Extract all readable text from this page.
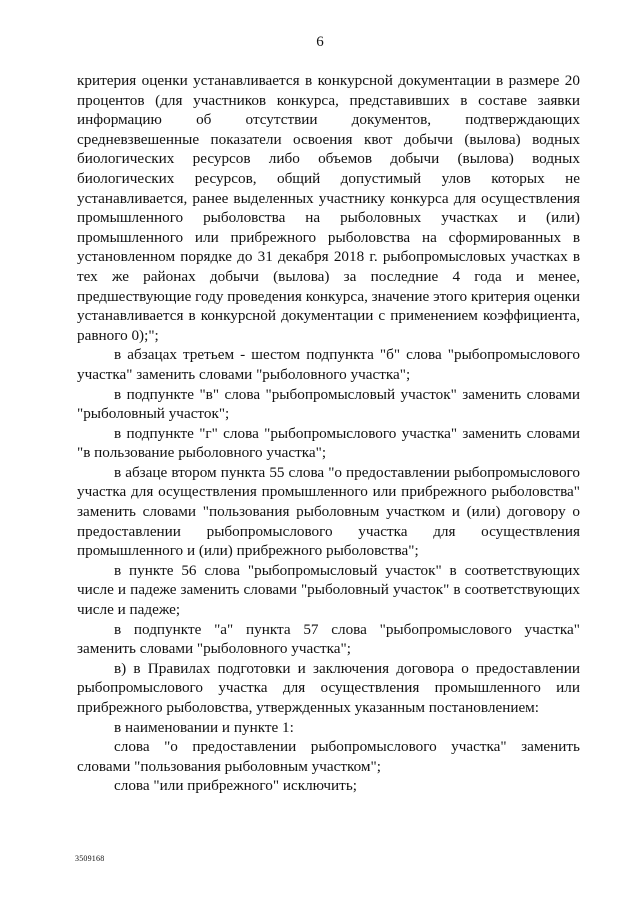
6

критерия оценки устанавливается в конкурсной документации в размере 20 процентов (для участников конкурса, представивших в составе заявки информацию об отсутствии документов, подтверждающих средневзвешенные показатели освоения квот добычи (вылова) водных биологических ресурсов либо объемов добычи (вылова) водных биологических ресурсов, общий допустимый улов которых не устанавливается, ранее выделенных участнику конкурса для осуществления промышленного рыболовства на рыболовных участках и (или) промышленного или прибрежного рыболовства на сформированных в установленном порядке до 31 декабря 2018 г. рыбопромысловых участках в тех же районах добычи (вылова) за последние 4 года и менее, предшествующие году проведения конкурса, значение этого критерия оценки устанавливается в конкурсной документации с применением коэффициента, равного 0);";

в абзацах третьем - шестом подпункта "б" слова "рыбопромыслового участка" заменить словами "рыболовного участка";

в подпункте "в" слова "рыбопромысловый участок" заменить словами "рыболовный участок";

в подпункте "г" слова "рыбопромыслового участка" заменить словами "в пользование рыболовного участка";

в абзаце втором пункта 55 слова "о предоставлении рыбопромыслового участка для осуществления промышленного или прибрежного рыболовства" заменить словами "пользования рыболовным участком и (или) договору о предоставлении рыбопромыслового участка для осуществления промышленного и (или) прибрежного рыболовства";

в пункте 56 слова "рыбопромысловый участок" в соответствующих числе и падеже заменить словами "рыболовный участок" в соответствующих числе и падеже;

в подпункте "а" пункта 57 слова "рыбопромыслового участка" заменить словами "рыболовного участка";

в) в Правилах подготовки и заключения договора о предоставлении рыбопромыслового участка для осуществления промышленного или прибрежного рыболовства, утвержденных указанным постановлением:

в наименовании и пункте 1:

слова "о предоставлении рыбопромыслового участка" заменить словами "пользования рыболовным участком";

слова "или прибрежного" исключить;

3509168
